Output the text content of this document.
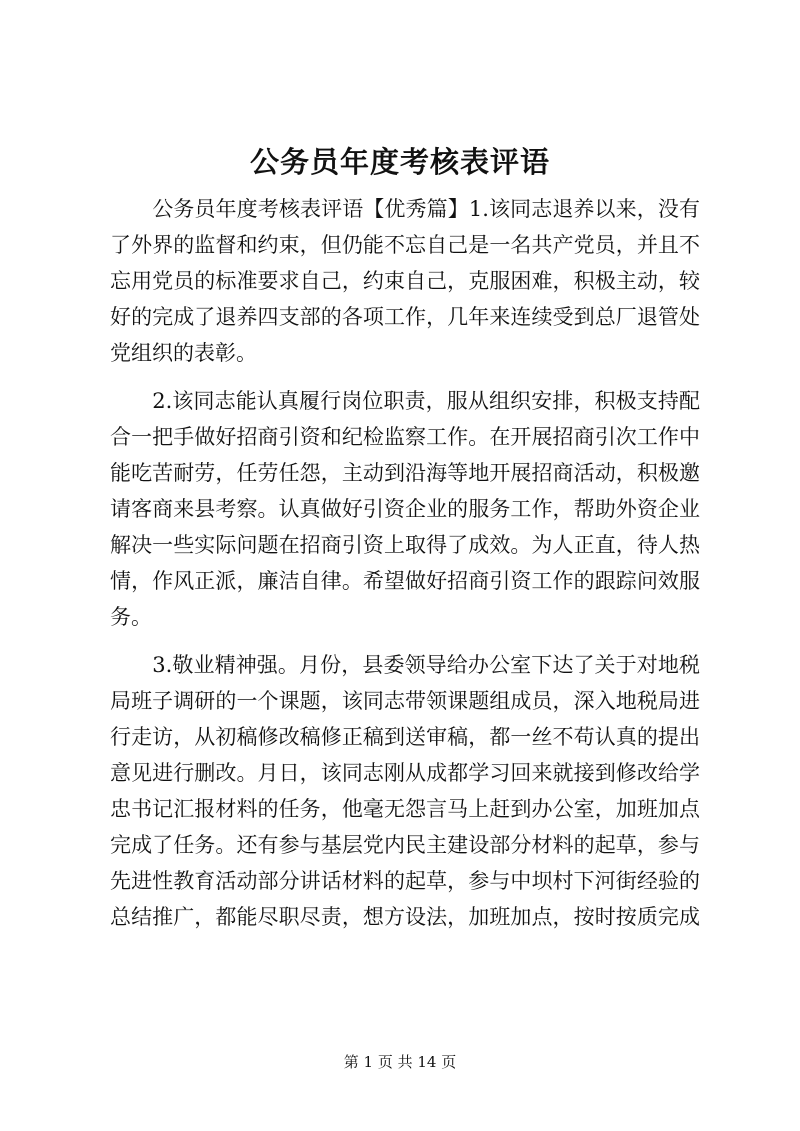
公务员年度考核表评语

　　公务员年度考核表评语【优秀篇】1.该同志退养以来，没有

了外界的监督和约束，但仍能不忘自己是一名共产党员，并且不

忘用党员的标准要求自己，约束自己，克服困难，积极主动，较

好的完成了退养四支部的各项工作，几年来连续受到总厂退管处

党组织的表彰。

　　2.该同志能认真履行岗位职责，服从组织安排，积极支持配

合一把手做好招商引资和纪检监察工作。在开展招商引次工作中

能吃苦耐劳，任劳任怨，主动到沿海等地开展招商活动，积极邀

请客商来县考察。认真做好引资企业的服务工作，帮助外资企业

解决一些实际问题在招商引资上取得了成效。为人正直，待人热

情，作风正派，廉洁自律。希望做好招商引资工作的跟踪问效服

务。

　　3.敬业精神强。月份，县委领导给办公室下达了关于对地税

局班子调研的一个课题，该同志带领课题组成员，深入地税局进

行走访，从初稿修改稿修正稿到送审稿，都一丝不苟认真的提出

意见进行删改。月日，该同志刚从成都学习回来就接到修改给学

忠书记汇报材料的任务，他毫无怨言马上赶到办公室，加班加点

完成了任务。还有参与基层党内民主建设部分材料的起草，参与

先进性教育活动部分讲话材料的起草，参与中坝村下河街经验的

总结推广，都能尽职尽责，想方设法，加班加点，按时按质完成

第 1 页 共 14 页
